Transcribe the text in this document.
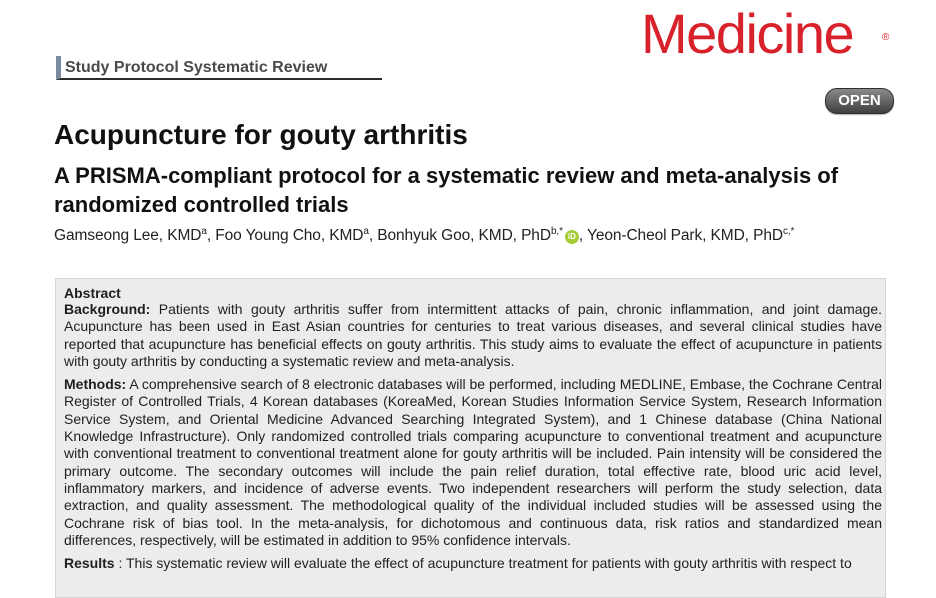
Medicine	®
OPEN
Study Protocol Systematic Review
Acupuncture for gouty arthritis
A PRISMA-compliant protocol for a systematic review and meta-analysis of randomized controlled trials
Gamseong Lee, KMD$^a$, Foo Young Cho, KMD$^a$, Bonhyuk Goo, KMD, PhD$^{b,*}$ iD , Yeon-Cheol Park, KMD, PhD$^{c,*}$

Abstract

Background: Patients with gouty arthritis suffer from intermittent attacks of pain, chronic inflammation, and joint damage. Acupuncture has been used in East Asian countries for centuries to treat various diseases, and several clinical studies have reported that acupuncture has beneficial effects on gouty arthritis. This study aims to evaluate the effect of acupuncture in patients with gouty arthritis by conducting a systematic review and meta-analysis.

Methods: A comprehensive search of 8 electronic databases will be performed, including MEDLINE, Embase, the Cochrane Central Register of Controlled Trials, 4 Korean databases (KoreaMed, Korean Studies Information Service System, Research Information Service System, and Oriental Medicine Advanced Searching Integrated System), and 1 Chinese database (China National Knowledge Infrastructure). Only randomized controlled trials comparing acupuncture to conventional treatment and acupuncture with conventional treatment to conventional treatment alone for gouty arthritis will be included. Pain intensity will be considered the primary outcome. The secondary outcomes will include the pain relief duration, total effective rate, blood uric acid level, inflammatory markers, and incidence of adverse events. Two independent researchers will perform the study selection, data extraction, and quality assessment. The methodological quality of the individual included studies will be assessed using the Cochrane risk of bias tool. In the meta-analysis, for dichotomous and continuous data, risk ratios and standardized mean differences, respectively, will be estimated in addition to 95% confidence intervals.

Results : This systematic review will evaluate the effect of acupuncture treatment for patients with gouty arthritis with respect to
